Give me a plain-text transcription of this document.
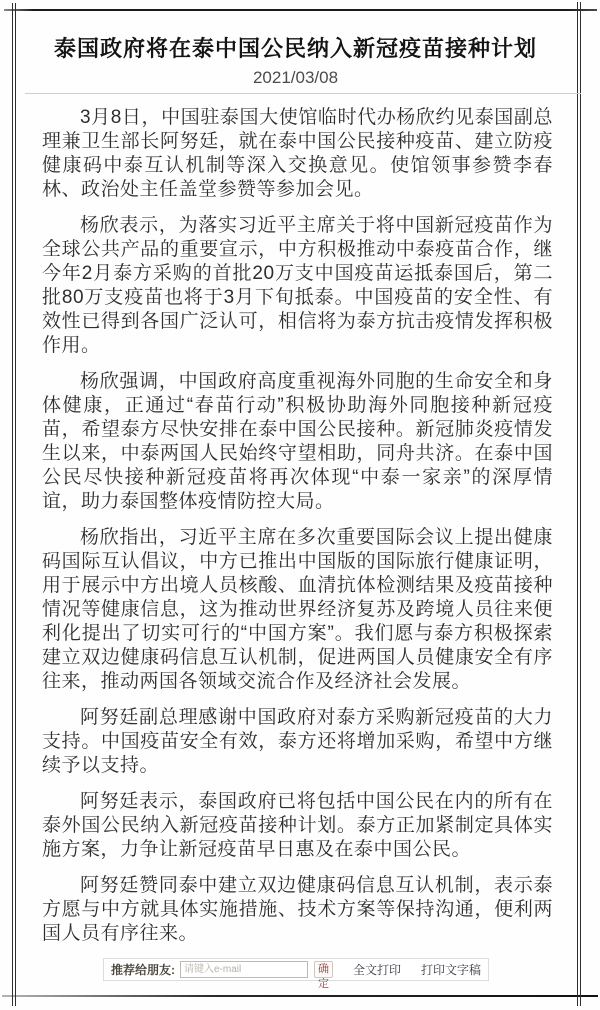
泰国政府将在泰中国公民纳入新冠疫苗接种计划
2021/03/08

3月8日，中国驻泰国大使馆临时代办杨欣约见泰国副总理兼卫生部长阿努廷，就在泰中国公民接种疫苗、建立防疫健康码中泰互认机制等深入交换意见。使馆领事参赞李春林、政治处主任盖堂参赞等参加会见。

杨欣表示，为落实习近平主席关于将中国新冠疫苗作为全球公共产品的重要宣示，中方积极推动中泰疫苗合作，继今年2月泰方采购的首批20万支中国疫苗运抵泰国后，第二批80万支疫苗也将于3月下旬抵泰。中国疫苗的安全性、有效性已得到各国广泛认可，相信将为泰方抗击疫情发挥积极作用。

杨欣强调，中国政府高度重视海外同胞的生命安全和身体健康，正通过“春苗行动”积极协助海外同胞接种新冠疫苗，希望泰方尽快安排在泰中国公民接种。新冠肺炎疫情发生以来，中泰两国人民始终守望相助，同舟共济。在泰中国公民尽快接种新冠疫苗将再次体现“中泰一家亲”的深厚情谊，助力泰国整体疫情防控大局。

杨欣指出，习近平主席在多次重要国际会议上提出健康码国际互认倡议，中方已推出中国版的国际旅行健康证明，用于展示中方出境人员核酸、血清抗体检测结果及疫苗接种情况等健康信息，这为推动世界经济复苏及跨境人员往来便利化提出了切实可行的“中国方案”。我们愿与泰方积极探索建立双边健康码信息互认机制，促进两国人员健康安全有序往来，推动两国各领域交流合作及经济社会发展。

阿努廷副总理感谢中国政府对泰方采购新冠疫苗的大力支持。中国疫苗安全有效，泰方还将增加采购，希望中方继续予以支持。

阿努廷表示，泰国政府已将包括中国公民在内的所有在泰外国公民纳入新冠疫苗接种计划。泰方正加紧制定具体实施方案，力争让新冠疫苗早日惠及在泰中国公民。

阿努廷赞同泰中建立双边健康码信息互认机制，表示泰方愿与中方就具体实施措施、技术方案等保持沟通，便利两国人员有序往来。

推荐给朋友:
请键入e-mail	确定
全文打印 打印文字稿
